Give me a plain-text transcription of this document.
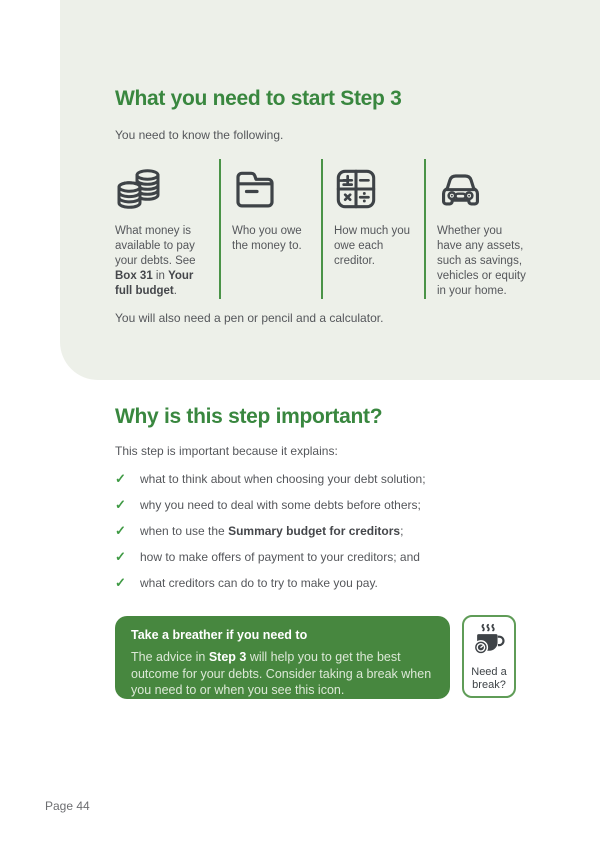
What you need to start Step 3

You need to know the following.

What money is available to pay your debts. See Box 31 in Your full budget.

Who you owe the money to.

How much you owe each creditor.

Whether you have any assets, such as savings, vehicles or equity in your home.

You will also need a pen or pencil and a calculator.

Why is this step important?

This step is important because it explains:

✓	what to think about when choosing your debt solution;
✓	why you need to deal with some debts before others;
✓	when to use the Summary budget for creditors;
✓	how to make offers of payment to your creditors; and
✓	what creditors can do to try to make you pay.

Take a breather if you need to

The advice in Step 3 will help you to get the best outcome for your debts. Consider taking a break when you need to or when you see this icon.

Need a
break?

Page 44
